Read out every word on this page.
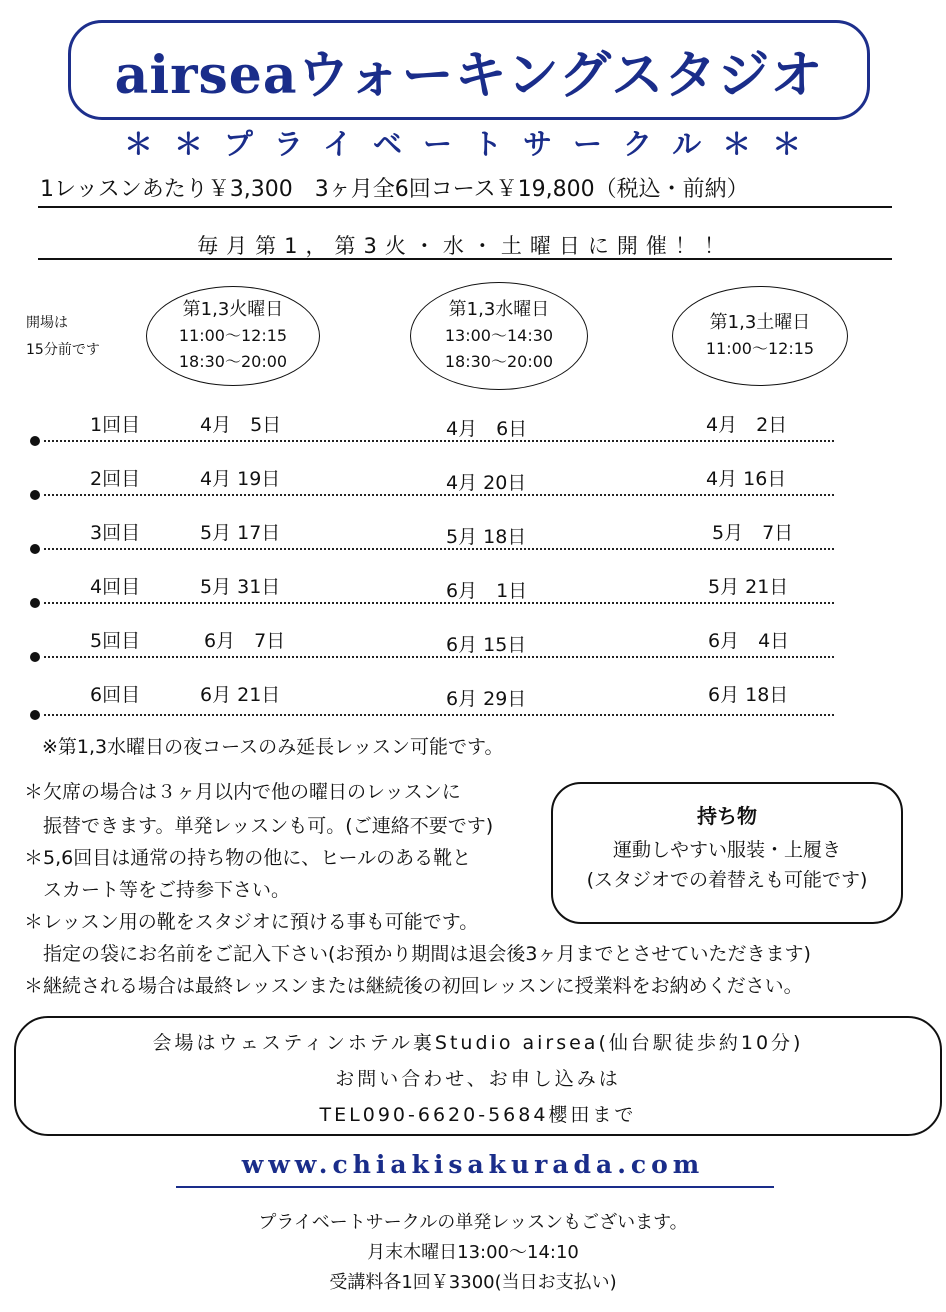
airseaウォーキングスタジオ
＊＊プライベートサークル＊＊
1レッスンあたり￥3,300　3ヶ月全6回コース￥19,800（税込・前納）
毎月第1，第3火・水・土曜日に開催！！
開場は
15分前です
第1,3火曜日
11:00〜12:15
18:30〜20:00
第1,3水曜日
13:00〜14:30
18:30〜20:00
第1,3土曜日
11:00〜12:15
1回目	4月　5日	4月　6日	4月　2日
2回目	4月 19日	4月 20日	4月 16日
3回目	5月 17日	5月 18日	5月　7日
4回目	5月 31日	6月　1日	5月 21日
5回目	6月　7日	6月 15日	6月　4日
6回目	6月 21日	6月 29日	6月 18日
※第1,3水曜日の夜コースのみ延長レッスン可能です。
＊欠席の場合は３ヶ月以内で他の曜日のレッスンに
　振替できます。単発レッスンも可。(ご連絡不要です)
＊5,6回目は通常の持ち物の他に、ヒールのある靴と
　スカート等をご持参下さい。
＊レッスン用の靴をスタジオに預ける事も可能です。
　指定の袋にお名前をご記入下さい(お預かり期間は退会後3ヶ月までとさせていただきます)
＊継続される場合は最終レッスンまたは継続後の初回レッスンに授業料をお納めください。
持ち物
運動しやすい服装・上履き
(スタジオでの着替えも可能です)
会場はウェスティンホテル裏Studio airsea(仙台駅徒歩約10分)
お問い合わせ、お申し込みは
TEL090-6620-5684櫻田まで
www.chiakisakurada.com
プライベートサークルの単発レッスンもございます。
月末木曜日13:00〜14:10
受講料各1回￥3300(当日お支払い)
